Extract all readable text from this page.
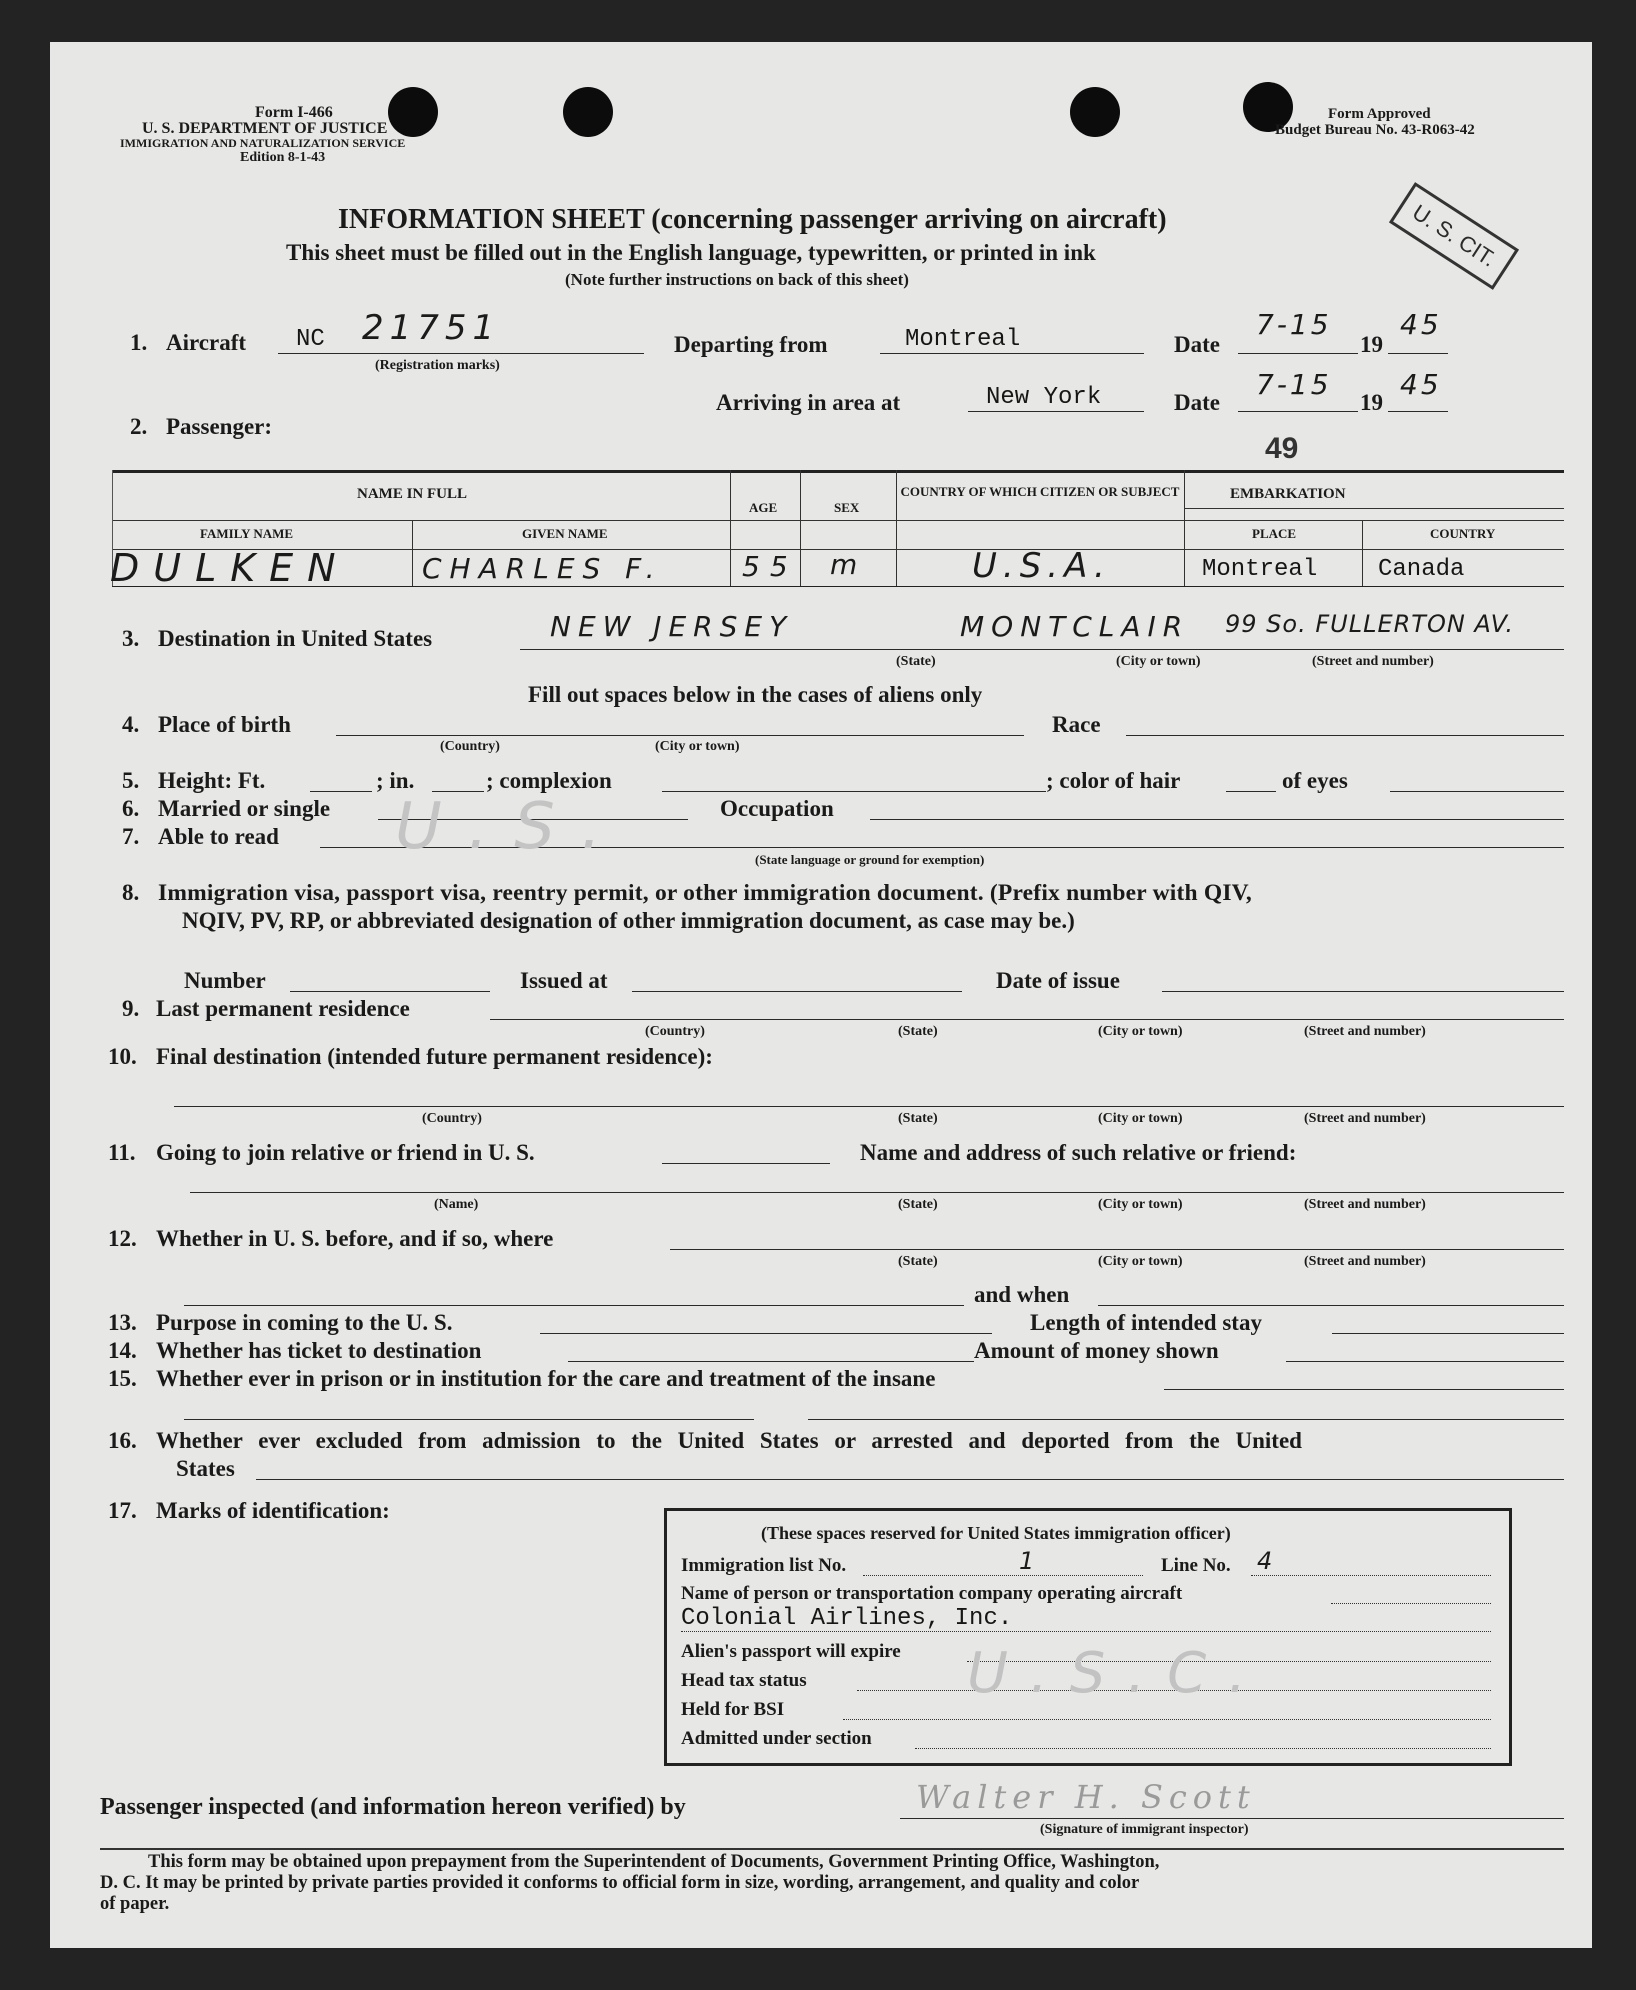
Form I-466
U. S. DEPARTMENT OF JUSTICE
IMMIGRATION AND NATURALIZATION SERVICE
Edition 8-1-43
Form Approved
Budget Bureau No. 43-R063-42
U. S. CIT.
INFORMATION SHEET (concerning passenger arriving on aircraft)
This sheet must be filled out in the English language, typewritten, or printed in ink
(Note further instructions on back of this sheet)
1. Aircraft NC 21751
(Registration marks)
Departing from	Montreal	Date
7-15
19
45
Arriving in area at	New York	Date
7-15
19
45
2. Passenger:
49
NAME IN FULL
FAMILY NAME	GIVEN NAME
AGE	SEX
COUNTRY OF WHICH CITIZEN OR SUBJECT	EMBARKATION
PLACE	COUNTRY
DULKEN	CHARLES F.	55 m	U.S.A.	Montreal	Canada
3. Destination in United States	NEW JERSEY	MONTCLAIR 99 So. FULLERTON AV.
(State)	(City or town)	(Street and number)
Fill out spaces below in the cases of aliens only
4. Place of birth	Race
(Country)	(City or town)
5. Height: Ft.	; in.	; complexion	; color of hair	of eyes
6. Married or single	Occupation
7. Able to read
(State language or ground for exemption)
U.S.
8. Immigration visa, passport visa, reentry permit, or other immigration document. (Prefix number with QIV,
NQIV, PV, RP, or abbreviated designation of other immigration document, as case may be.)
Number	Issued at	Date of issue
9. Last permanent residence
(Country)	(State)	(City or town)	(Street and number)
10. Final destination (intended future permanent residence):
(Country)	(State)	(City or town)	(Street and number)
11. Going to join relative or friend in U. S.	Name and address of such relative or friend:
(Name)	(State)	(City or town)	(Street and number)
12. Whether in U. S. before, and if so, where
(State)	(City or town)	(Street and number)
and when
13. Purpose in coming to the U. S.	Length of intended stay
14. Whether has ticket to destination	Amount of money shown
15. Whether ever in prison or in institution for the care and treatment of the insane
16. Whether ever excluded from admission to the United States or arrested and deported from the United
States
17. Marks of identification:
(These spaces reserved for United States immigration officer)
Immigration list No.	1	Line No. 4
Name of person or transportation company operating aircraft
Colonial Airlines, Inc.
Alien's passport will expire
Head tax status
Held for BSI
Admitted under section
U.S.C.
Passenger inspected (and information hereon verified) by	Walter H. Scott
(Signature of immigrant inspector)
This form may be obtained upon prepayment from the Superintendent of Documents, Government Printing Office, Washington,
D. C. It may be printed by private parties provided it conforms to official form in size, wording, arrangement, and quality and color
of paper.
